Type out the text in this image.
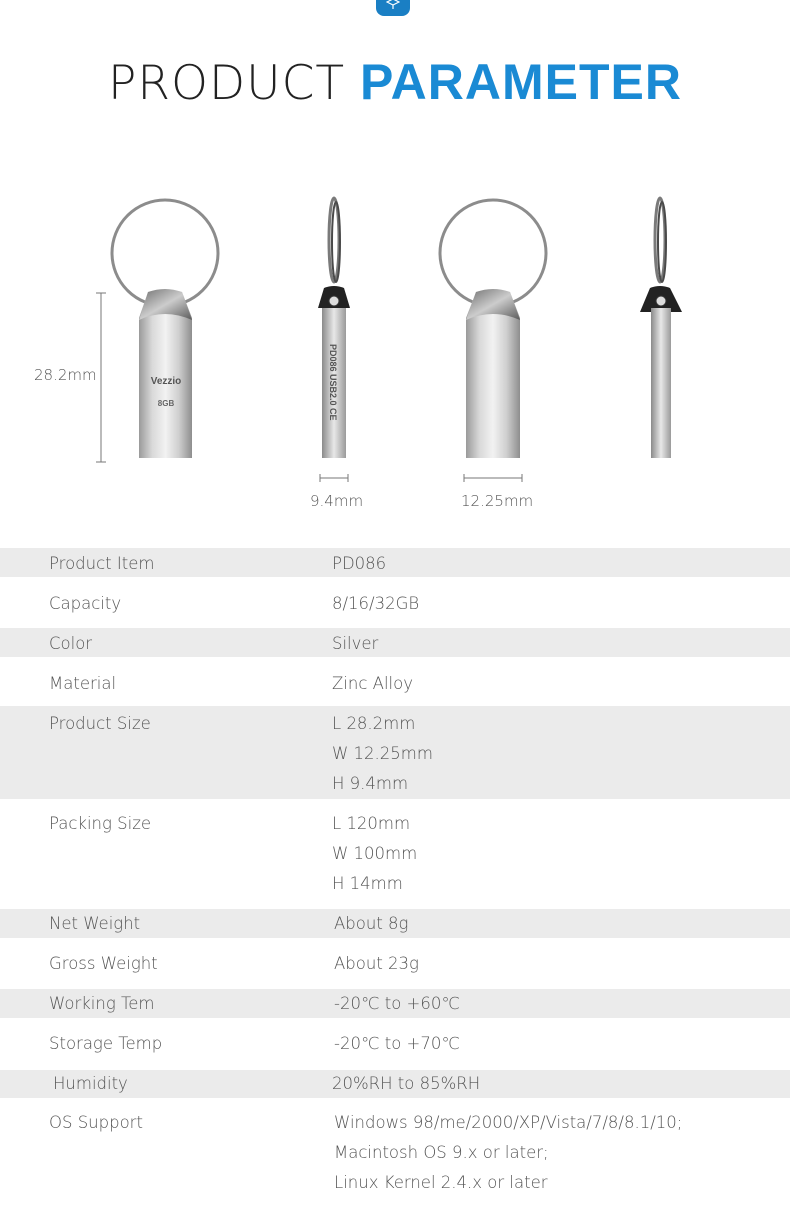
PRODUCT PARAMETER
Vezzio
8GB	PD086 USB2.0 CE
28.2mm
9.4mm	12.25mm
Product Item	PD086
Capacity	8/16/32GB
Color	Silver
Material	Zinc Alloy
Product Size	L 28.2mm
W 12.25mm
H 9.4mm
Packing Size	L 120mm
W 100mm
H 14mm
Net Weight	About 8g
Gross Weight	About 23g
Working Tem	-20℃ to +60℃
Storage Temp	-20℃ to +70℃
Humidity	20%RH to 85%RH
OS Support	Windows 98/me/2000/XP/Vista/7/8/8.1/10;
Macintosh OS 9.x or later;
Linux Kernel 2.4.x or later
